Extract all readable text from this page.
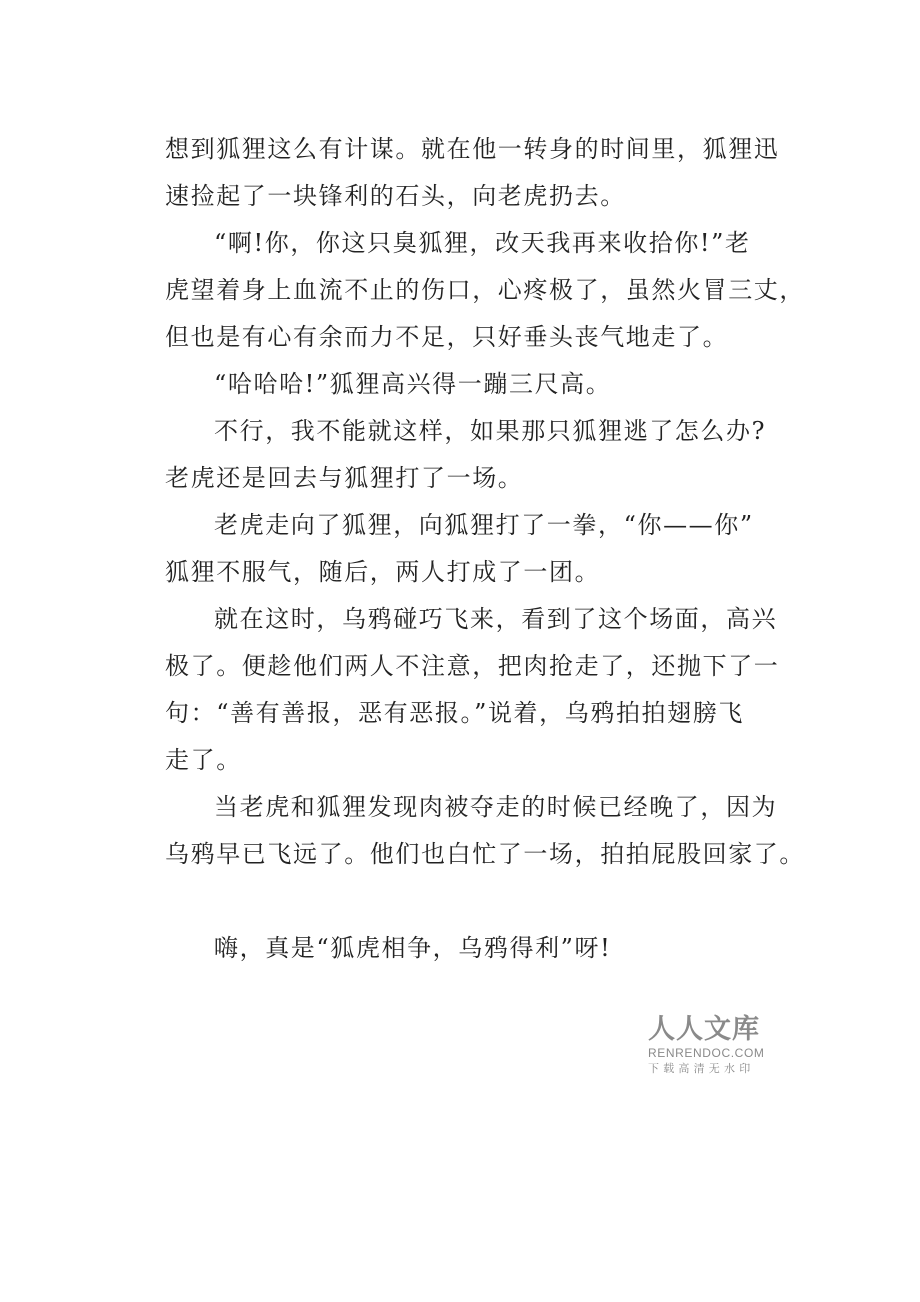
想到狐狸这么有计谋。就在他一转身的时间里，狐狸迅
速捡起了一块锋利的石头，向老虎扔去。
“啊!你，你这只臭狐狸，改天我再来收拾你!”老
虎望着身上血流不止的伤口，心疼极了，虽然火冒三丈，
但也是有心有余而力不足，只好垂头丧气地走了。
“哈哈哈!”狐狸高兴得一蹦三尺高。
不行，我不能就这样，如果那只狐狸逃了怎么办?
老虎还是回去与狐狸打了一场。
老虎走向了狐狸，向狐狸打了一拳，“你——你”
狐狸不服气，随后，两人打成了一团。
就在这时，乌鸦碰巧飞来，看到了这个场面，高兴
极了。便趁他们两人不注意，把肉抢走了，还抛下了一
句：“善有善报，恶有恶报。”说着，乌鸦拍拍翅膀飞
走了。
当老虎和狐狸发现肉被夺走的时候已经晚了，因为
乌鸦早已飞远了。他们也白忙了一场，拍拍屁股回家了。
嗨，真是“狐虎相争，乌鸦得利”呀!
人人文库
RENRENDOC.COM
下载高清无水印
